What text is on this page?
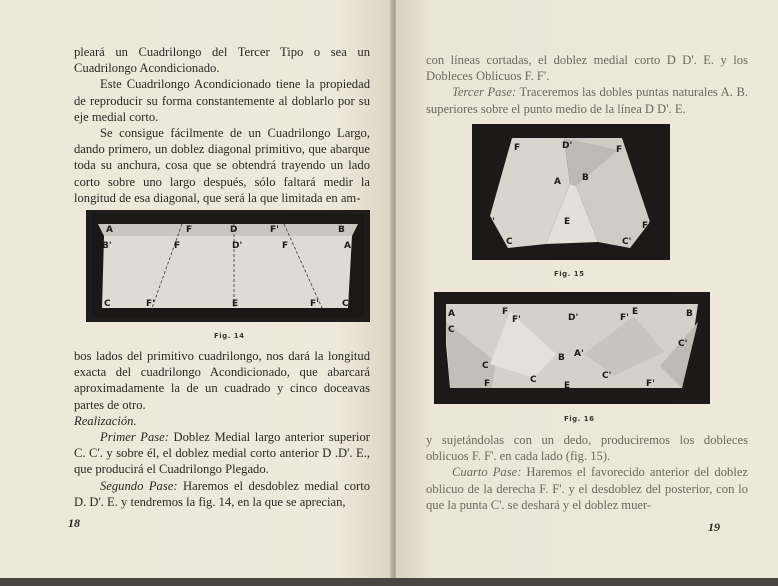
pleará un Cuadrilongo del Tercer Tipo o sea un Cuadrilongo Acondicionado.

Este Cuadrilongo Acondicionado tiene la propiedad de reproducir su forma constantemente al doblarlo por su eje medial corto.

Se consigue fácilmente de un Cuadrilongo Largo, dando primero, un doblez diagonal primitivo, que abarque toda su anchura, cosa que se obtendrá trayendo un lado corto sobre uno largo después, sólo faltará medir la longitud de esa diagonal, que será la que limitada en am-

A	F	D	F'	B
B'	F	D'	F	A'
C	F'	E	F'	C'
Fig. 14

bos lados del primitivo cuadrilongo, nos dará la longitud exacta del cuadrilongo Acondicionado, que abarcará aproximadamente la de un cuadrado y cinco doceavas partes de otro.

Realización.

Primer Pase: Doblez Medial largo anterior superior C. C'. y sobre él, el doblez medial corto anterior D .D'. E., que producirá el Cuadrilongo Plegado.

Segundo Pase: Haremos el desdoblez medial corto D. D'. E. y tendremos la fig. 14, en la que se aprecian,

18

con líneas cortadas, el doblez medial corto D D'. E. y los Dobleces Oblicuos F. F'.

Tercer Pase: Traceremos las dobles puntas naturales A. B. superiores sobre el punto medio de la línea D D'. E.

F	D'	F
A B
F'	F'
E
C	C'
Fig. 15
A	F
D'	F'
E	B
C
F'
B A'
C'
C
C
E
C'
F	F'
Fig. 16

y sujetándolas con un dedo, produciremos los dobleces oblicuos F. F'. en cada lado (fig. 15).

Cuarto Pase: Haremos el favorecido anterior del doblez oblicuo de la derecha F. F'. y el desdoblez del posterior, con lo que la punta C'. se deshará y el doblez muer-

19
